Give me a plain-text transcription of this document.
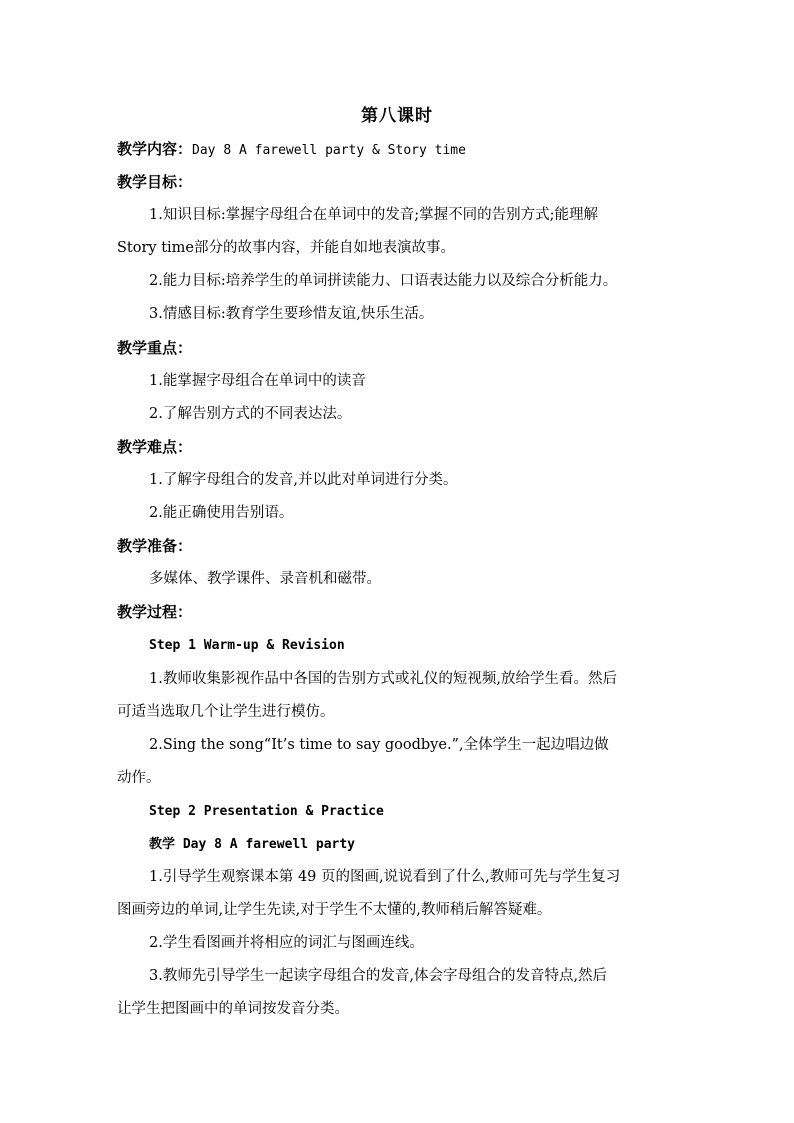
第八课时
教学内容：Day 8 A farewell party & Story time
教学目标：
1.知识目标:掌握字母组合在单词中的发音;掌握不同的告别方式;能理解
Story time部分的故事内容，并能自如地表演故事。
2.能力目标:培养学生的单词拼读能力、口语表达能力以及综合分析能力。
3.情感目标:教育学生要珍惜友谊,快乐生活。
教学重点：
1.能掌握字母组合在单词中的读音
2.了解告别方式的不同表达法。
教学难点：
1.了解字母组合的发音,并以此对单词进行分类。
2.能正确使用告别语。
教学准备：
多媒体、教学课件、录音机和磁带。
教学过程：
Step 1 Warm-up & Revision
1.教师收集影视作品中各国的告别方式或礼仪的短视频,放给学生看。然后
可适当选取几个让学生进行模仿。
2.Sing the song“It’s time to say goodbye.”,全体学生一起边唱边做
动作。
Step 2 Presentation & Practice
教学 Day 8 A farewell party
1.引导学生观察课本第 49 页的图画,说说看到了什么,教师可先与学生复习
图画旁边的单词,让学生先读,对于学生不太懂的,教师稍后解答疑难。
2.学生看图画并将相应的词汇与图画连线。
3.教师先引导学生一起读字母组合的发音,体会字母组合的发音特点,然后
让学生把图画中的单词按发音分类。
